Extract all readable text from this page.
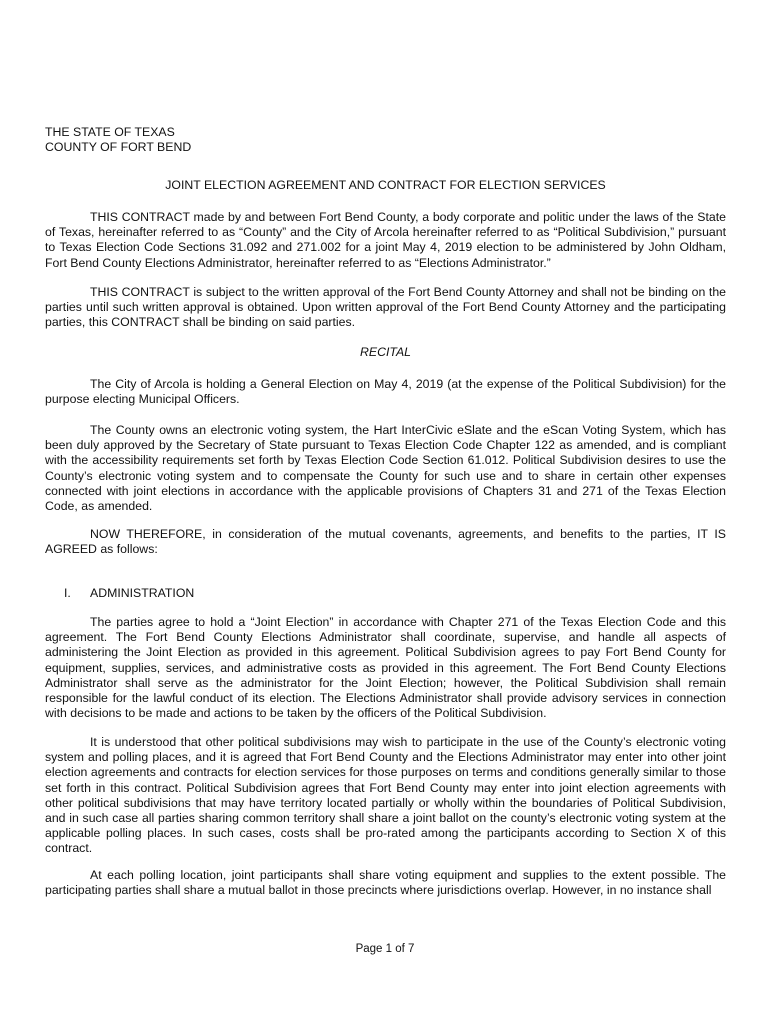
THE STATE OF TEXAS
COUNTY OF FORT BEND

JOINT ELECTION AGREEMENT AND CONTRACT FOR ELECTION SERVICES

THIS CONTRACT made by and between Fort Bend County, a body corporate and politic under the laws of the State of Texas, hereinafter referred to as “County” and the City of Arcola hereinafter referred to as “Political Subdivision,” pursuant to Texas Election Code Sections 31.092 and 271.002 for a joint May 4, 2019 election to be administered by John Oldham, Fort Bend County Elections Administrator, hereinafter referred to as “Elections Administrator.”

THIS CONTRACT is subject to the written approval of the Fort Bend County Attorney and shall not be binding on the parties until such written approval is obtained. Upon written approval of the Fort Bend County Attorney and the participating parties, this CONTRACT shall be binding on said parties.

RECITAL

The City of Arcola is holding a General Election on May 4, 2019 (at the expense of the Political Subdivision) for the purpose electing Municipal Officers.

The County owns an electronic voting system, the Hart InterCivic eSlate and the eScan Voting System, which has been duly approved by the Secretary of State pursuant to Texas Election Code Chapter 122 as amended, and is compliant with the accessibility requirements set forth by Texas Election Code Section 61.012. Political Subdivision desires to use the County’s electronic voting system and to compensate the County for such use and to share in certain other expenses connected with joint elections in accordance with the applicable provisions of Chapters 31 and 271 of the Texas Election Code, as amended.

NOW THEREFORE, in consideration of the mutual covenants, agreements, and benefits to the parties, IT IS AGREED as follows:

I. ADMINISTRATION

The parties agree to hold a “Joint Election” in accordance with Chapter 271 of the Texas Election Code and this agreement. The Fort Bend County Elections Administrator shall coordinate, supervise, and handle all aspects of administering the Joint Election as provided in this agreement. Political Subdivision agrees to pay Fort Bend County for equipment, supplies, services, and administrative costs as provided in this agreement. The Fort Bend County Elections Administrator shall serve as the administrator for the Joint Election; however, the Political Subdivision shall remain responsible for the lawful conduct of its election. The Elections Administrator shall provide advisory services in connection with decisions to be made and actions to be taken by the officers of the Political Subdivision.

It is understood that other political subdivisions may wish to participate in the use of the County’s electronic voting system and polling places, and it is agreed that Fort Bend County and the Elections Administrator may enter into other joint election agreements and contracts for election services for those purposes on terms and conditions generally similar to those set forth in this contract. Political Subdivision agrees that Fort Bend County may enter into joint election agreements with other political subdivisions that may have territory located partially or wholly within the boundaries of Political Subdivision, and in such case all parties sharing common territory shall share a joint ballot on the county’s electronic voting system at the applicable polling places. In such cases, costs shall be pro-rated among the participants according to Section X of this contract.

At each polling location, joint participants shall share voting equipment and supplies to the extent possible. The participating parties shall share a mutual ballot in those precincts where jurisdictions overlap. However, in no instance shall

Page 1 of 7
